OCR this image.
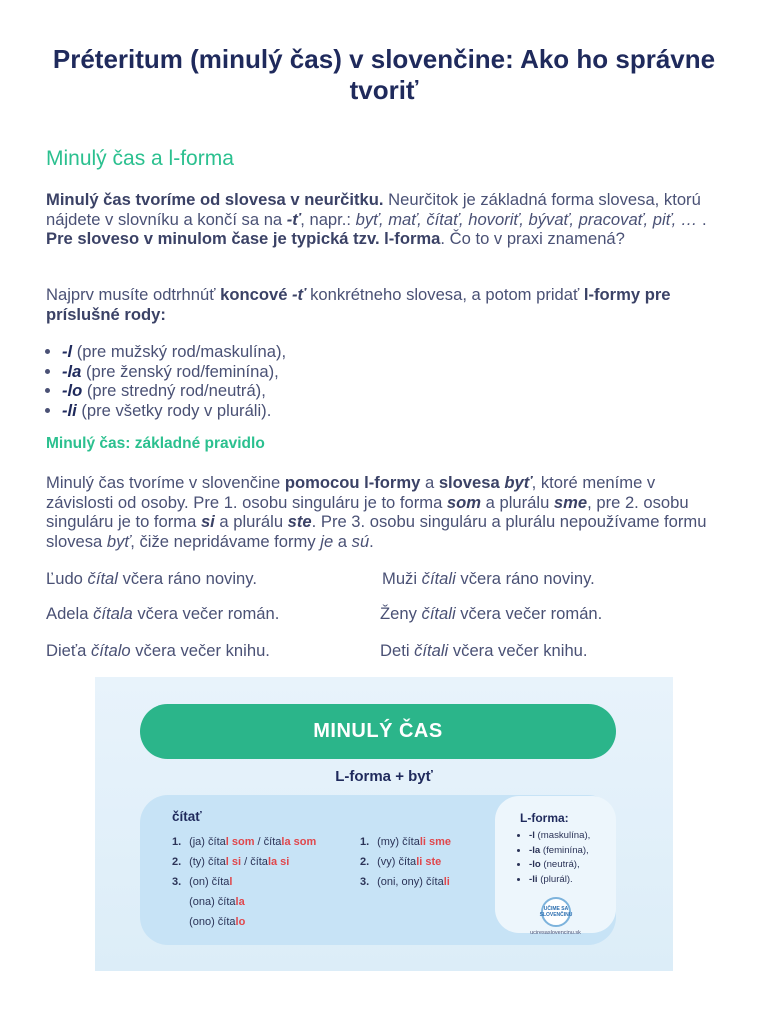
Préteritum (minulý čas) v slovenčine: Ako ho správne tvoriť
Minulý čas a l-forma

Minulý čas tvoríme od slovesa v neurčitku. Neurčitok je základná forma slovesa, ktorú nájdete v slovníku a končí sa na -ť, napr.: byť, mať, čítať, hovoriť, bývať, pracovať, piť, … . Pre sloveso v minulom čase je typická tzv. l-forma. Čo to v praxi znamená?

Najprv musíte odtrhnúť koncové -ť konkrétneho slovesa, a potom pridať l-formy pre príslušné rody:

• -l (pre mužský rod/maskulína),
• -la (pre ženský rod/feminína),
• -lo (pre stredný rod/neutrá),
• -li (pre všetky rody v pluráli).
Minulý čas: základné pravidlo

Minulý čas tvoríme v slovenčine pomocou l-formy a slovesa byť, ktoré meníme v závislosti od osoby. Pre 1. osobu singuláru je to forma som a plurálu sme, pre 2. osobu singuláru je to forma si a plurálu ste. Pre 3. osobu singuláru a plurálu nepoužívame formu slovesa byť, čiže nepridávame formy je a sú.

Ľudo čítal včera ráno noviny.	Muži čítali včera ráno noviny.
Adela čítala včera večer román.	Ženy čítali včera večer román.
Dieťa čítalo včera večer knihu.	Deti čítali včera večer knihu.
MINULÝ ČAS
L-forma + byť
čítať
1. (ja) čítal som / čítala som
2. (ty) čítal si / čítala si
3. (on) čítal
(ona) čítala
(ono) čítalo
1. (my) čítali sme
2. (vy) čítali ste
3. (oni, ony) čítali
L-forma:
• -l (maskulína),
• -la (feminína),
• -lo (neutrá),
• -li (plurál).
UČIME SA SLOVENČINU
uciresaslovencinu.sk
